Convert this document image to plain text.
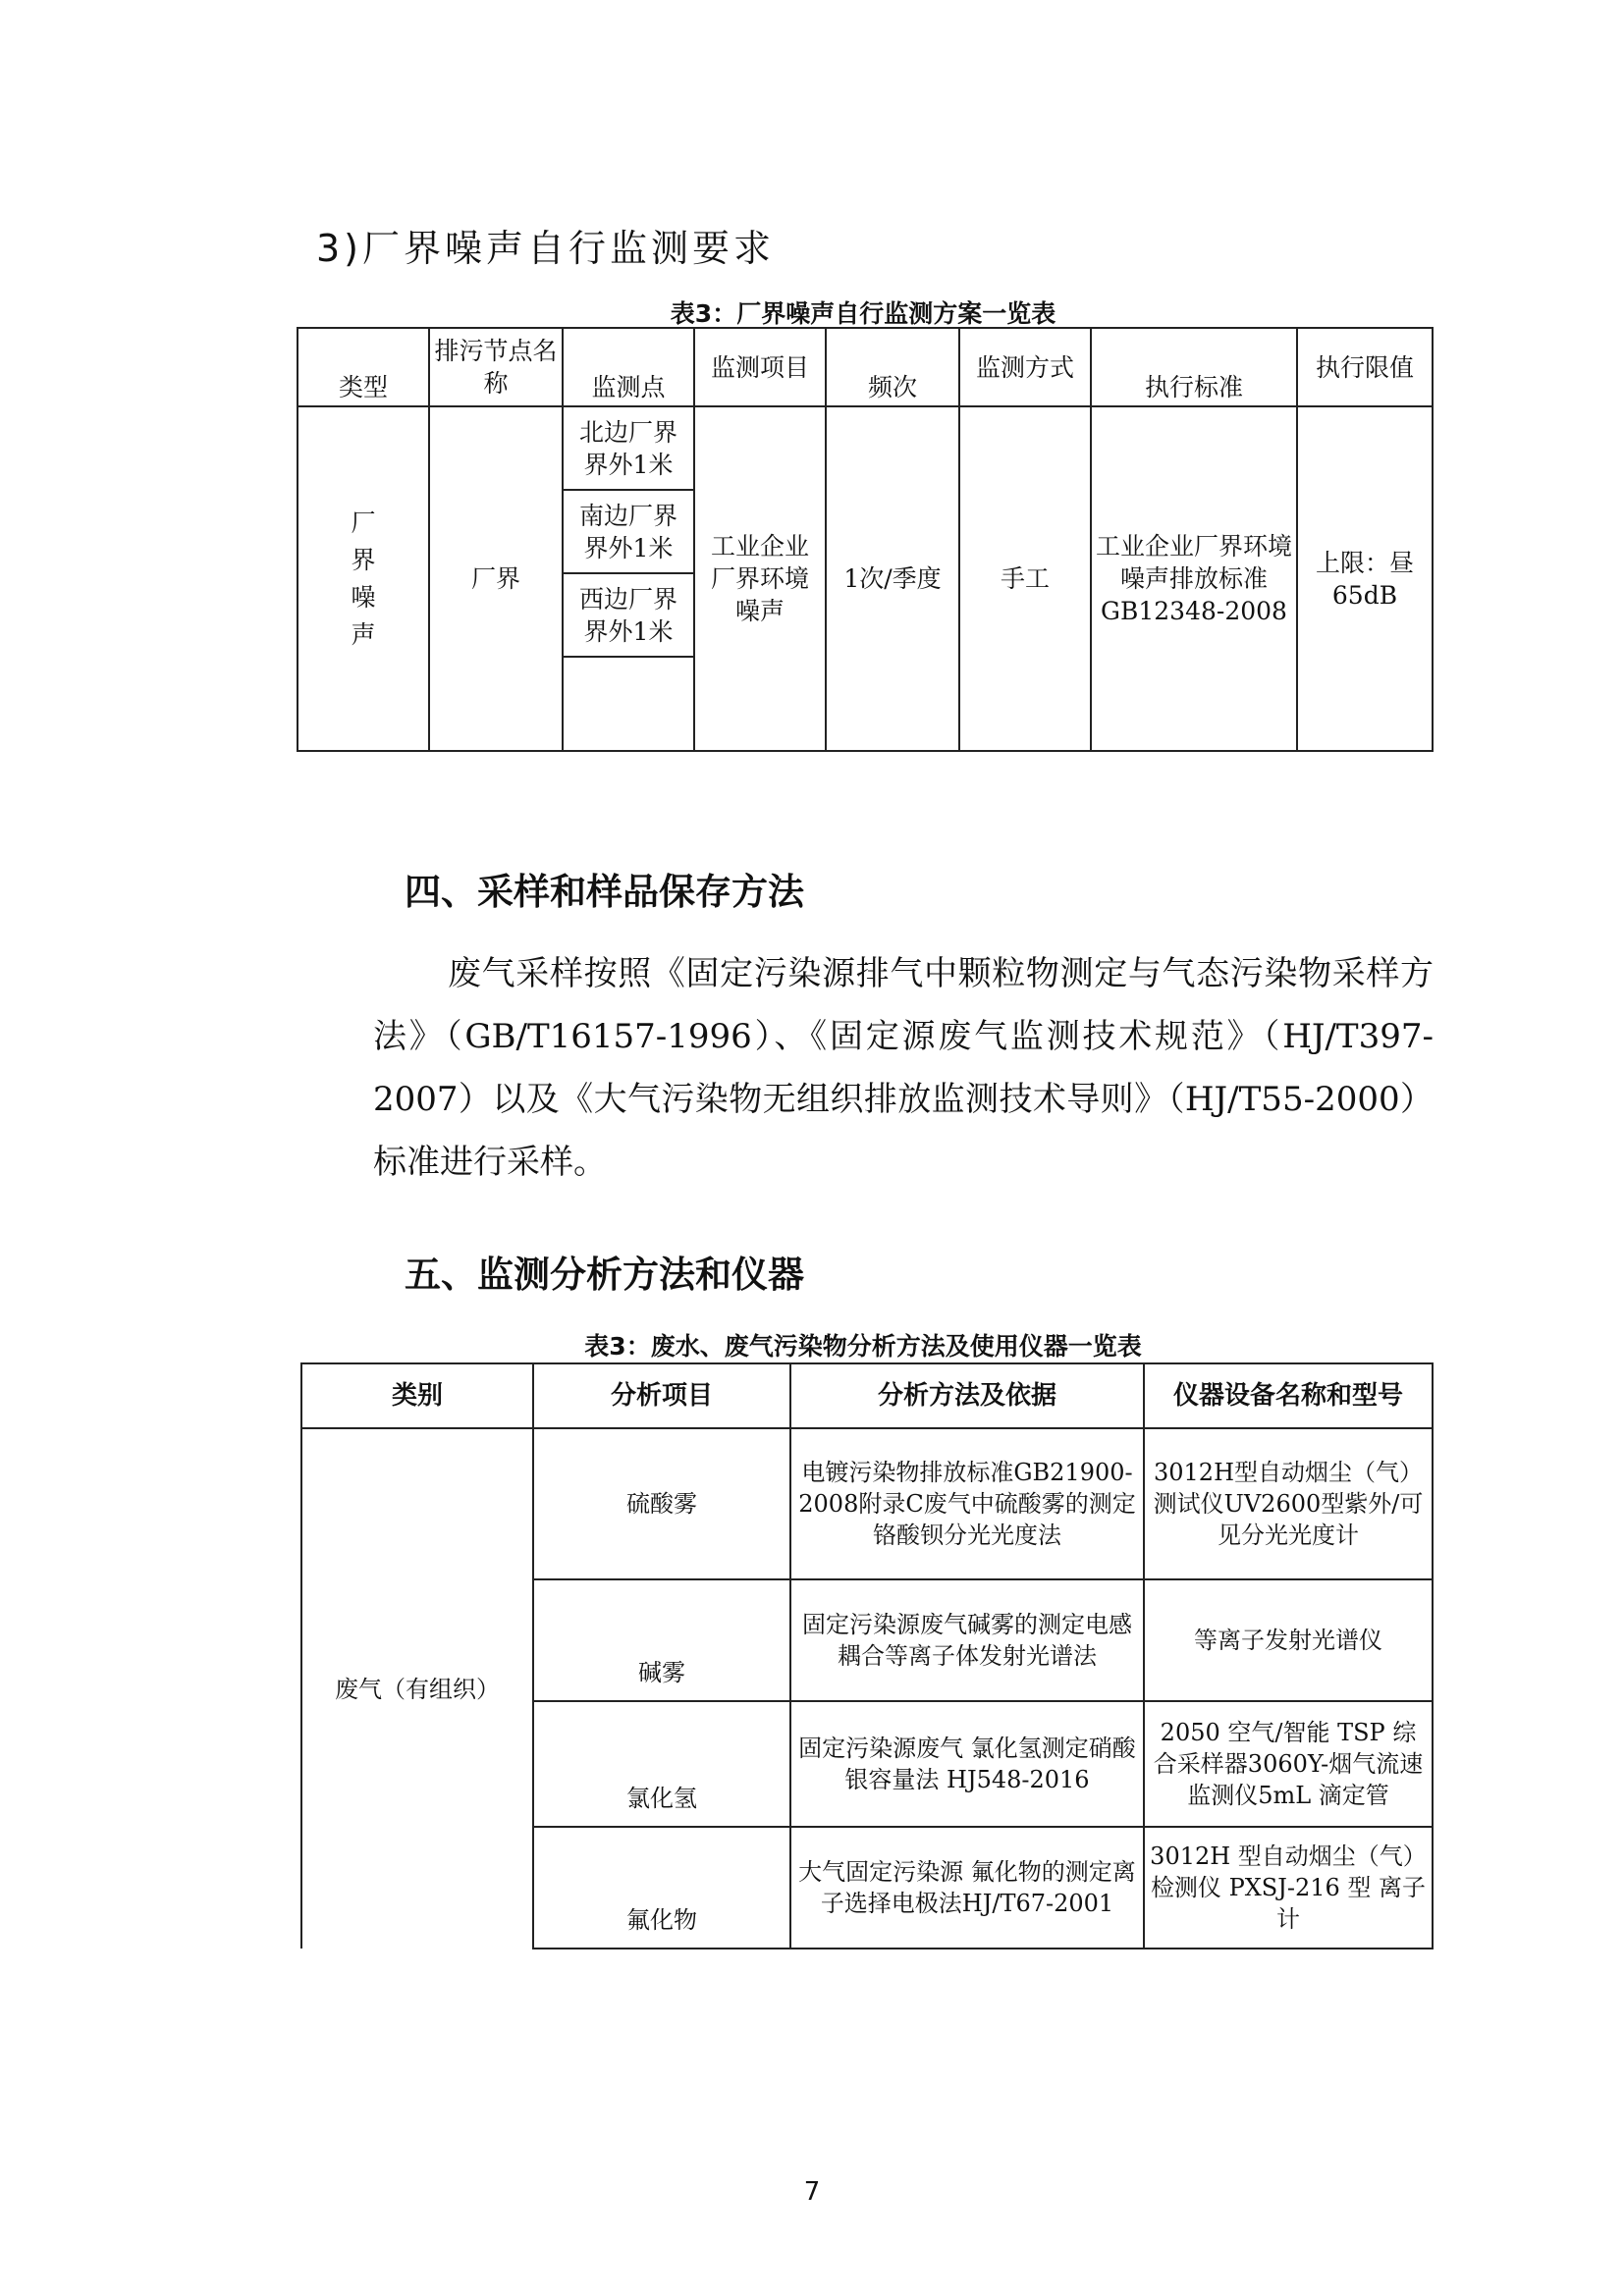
3)厂界噪声自行监测要求
表3：厂界噪声自行监测方案一览表
类型	排污节点名称	监测点	监测项目	频次	监测方式	执行标准	执行限值
厂界噪声	厂界	北边厂界界外1米	工业企业厂界环境噪声	1次/季度	手工	工业企业厂界环境噪声排放标准GB12348-2008	上限：昼65dB
		南边厂界界外1米					
		西边厂界界外1米					

四、采样和样品保存方法

废气采样按照《固定污染源排气中颗粒物测定与气态污染物采样方法》（GB/T16157-1996）、《固定源废气监测技术规范》（HJ/T397-2007）以及《大气污染物无组织排放监测技术导则》（HJ/T55-2000）标准进行采样。

五、监测分析方法和仪器
表3：废水、废气污染物分析方法及使用仪器一览表
类别	分析项目	分析方法及依据	仪器设备名称和型号
废气（有组织）	硫酸雾	电镀污染物排放标准GB21900-2008附录C废气中硫酸雾的测定铬酸钡分光光度法	3012H型自动烟尘（气）测试仪UV2600型紫外/可见分光光度计
	碱雾	固定污染源废气碱雾的测定电感耦合等离子体发射光谱法	等离子发射光谱仪
	氯化氢	固定污染源废气 氯化氢测定硝酸银容量法 HJ548-2016	2050 空气/智能 TSP 综合采样器3060Y-烟气流速监测仪5mL 滴定管
	氟化物	大气固定污染源 氟化物的测定离子选择电极法HJ/T67-2001	3012H 型自动烟尘（气）检测仪 PXSJ-216 型 离子计
7
